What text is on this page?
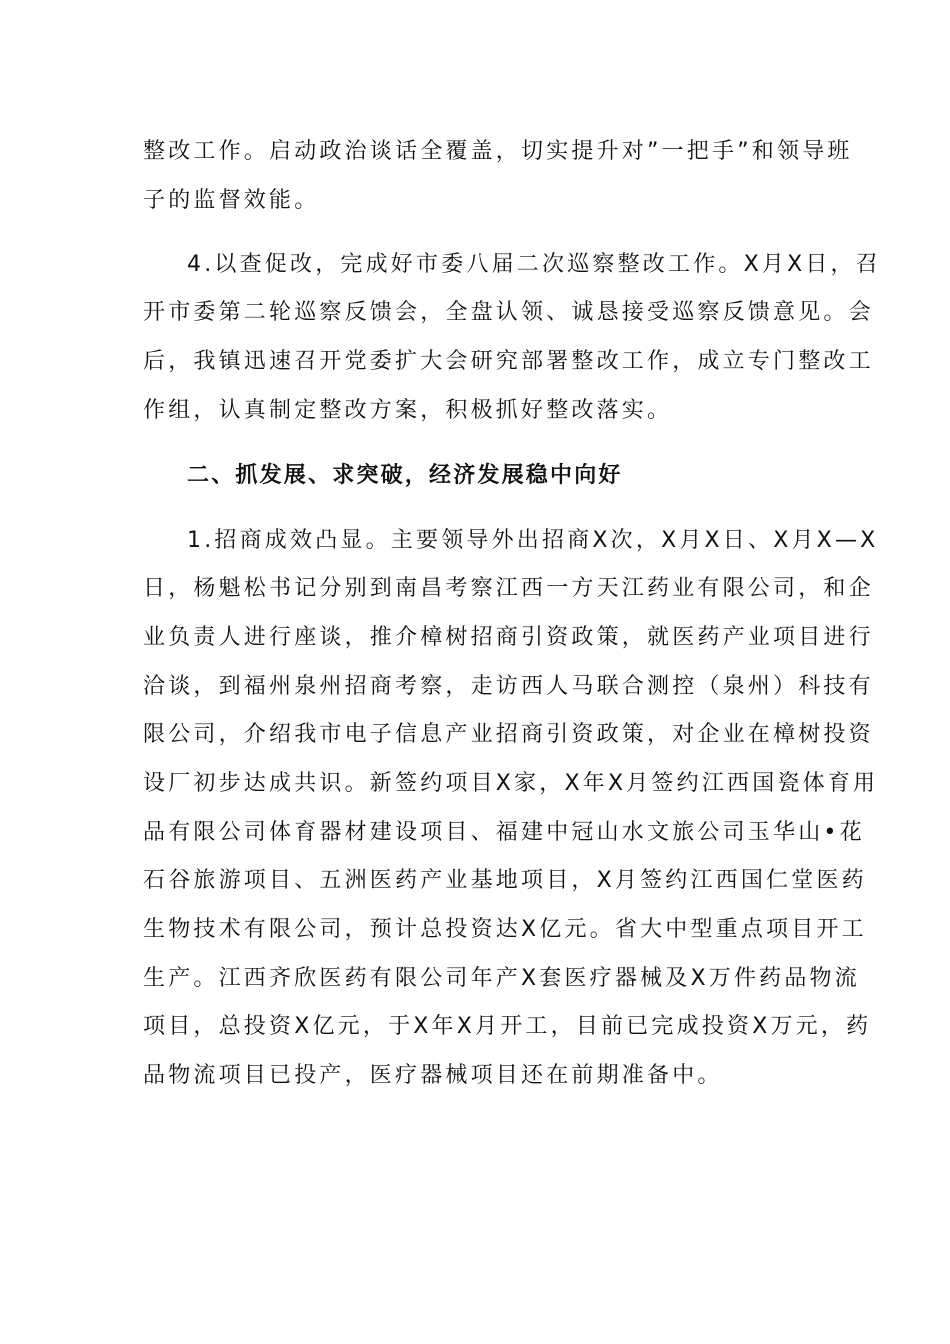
整改工作。启动政治谈话全覆盖，切实提升对”一把手”和领导班
子的监督效能。
4.以查促改，完成好市委八届二次巡察整改工作。X月X日，召
开市委第二轮巡察反馈会，全盘认领、诚恳接受巡察反馈意见。会
后，我镇迅速召开党委扩大会研究部署整改工作，成立专门整改工
作组，认真制定整改方案，积极抓好整改落实。
二、抓发展、求突破，经济发展稳中向好
1.招商成效凸显。主要领导外出招商X次，X月X日、X月X—X
日，杨魁松书记分别到南昌考察江西一方天江药业有限公司，和企
业负责人进行座谈，推介樟树招商引资政策，就医药产业项目进行
洽谈，到福州泉州招商考察，走访西人马联合测控（泉州）科技有
限公司，介绍我市电子信息产业招商引资政策，对企业在樟树投资
设厂初步达成共识。新签约项目X家，X年X月签约江西国瓷体育用
品有限公司体育器材建设项目、福建中冠山水文旅公司玉华山•花
石谷旅游项目、五洲医药产业基地项目，X月签约江西国仁堂医药
生物技术有限公司，预计总投资达X亿元。省大中型重点项目开工
生产。江西齐欣医药有限公司年产X套医疗器械及X万件药品物流
项目，总投资X亿元，于X年X月开工，目前已完成投资X万元，药
品物流项目已投产，医疗器械项目还在前期准备中。
